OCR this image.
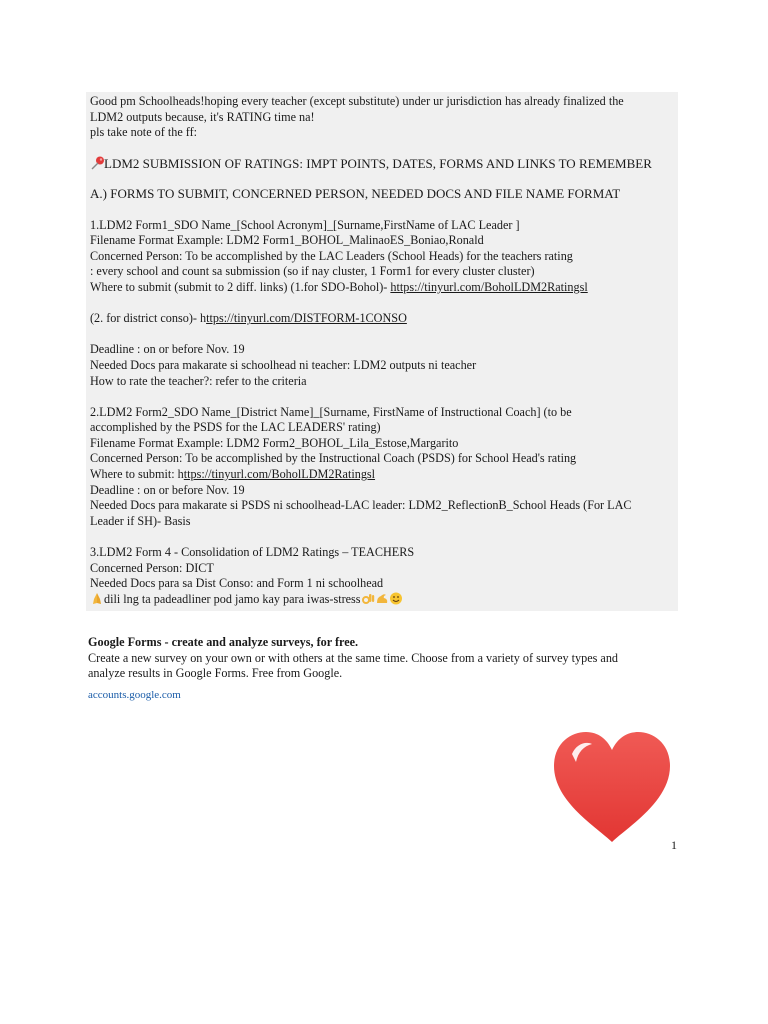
Good pm Schoolheads!hoping every teacher (except substitute) under ur jurisdiction has already finalized the
LDM2 outputs because, it's RATING time na!
pls take note of the ff:
LDM2 SUBMISSION OF RATINGS: IMPT POINTS, DATES, FORMS AND LINKS TO REMEMBER
A.) FORMS TO SUBMIT, CONCERNED PERSON, NEEDED DOCS AND FILE NAME FORMAT
1.LDM2 Form1_SDO Name_[School Acronym]_[Surname,FirstName of LAC Leader ]
Filename Format Example: LDM2 Form1_BOHOL_MalinaoES_Boniao,Ronald
Concerned Person: To be accomplished by the LAC Leaders (School Heads) for the teachers rating
: every school and count sa submission (so if nay cluster, 1 Form1 for every cluster cluster)
Where to submit (submit to 2 diff. links) (1.for SDO-Bohol)- https://tinyurl.com/BoholLDM2Ratingsl
(2. for district conso)- https://tinyurl.com/DISTFORM-1CONSO
Deadline : on or before Nov. 19
Needed Docs para makarate si schoolhead ni teacher: LDM2 outputs ni teacher
How to rate the teacher?: refer to the criteria
2.LDM2 Form2_SDO Name_[District Name]_[Surname, FirstName of Instructional Coach] (to be
accomplished by the PSDS for the LAC LEADERS' rating)
Filename Format Example: LDM2 Form2_BOHOL_Lila_Estose,Margarito
Concerned Person: To be accomplished by the Instructional Coach (PSDS) for School Head's rating
Where to submit: https://tinyurl.com/BoholLDM2Ratingsl
Deadline : on or before Nov. 19
Needed Docs para makarate si PSDS ni schoolhead-LAC leader: LDM2_ReflectionB_School Heads (For LAC
Leader if SH)- Basis
3.LDM2 Form 4 - Consolidation of LDM2 Ratings – TEACHERS
Concerned Person: DICT
Needed Docs para sa Dist Conso: and Form 1 ni schoolhead
dili lng ta padeadliner pod jamo kay para iwas-stress
Google Forms - create and analyze surveys, for free.
Create a new survey on your own or with others at the same time. Choose from a variety of survey types and
analyze results in Google Forms. Free from Google.
accounts.google.com
1
